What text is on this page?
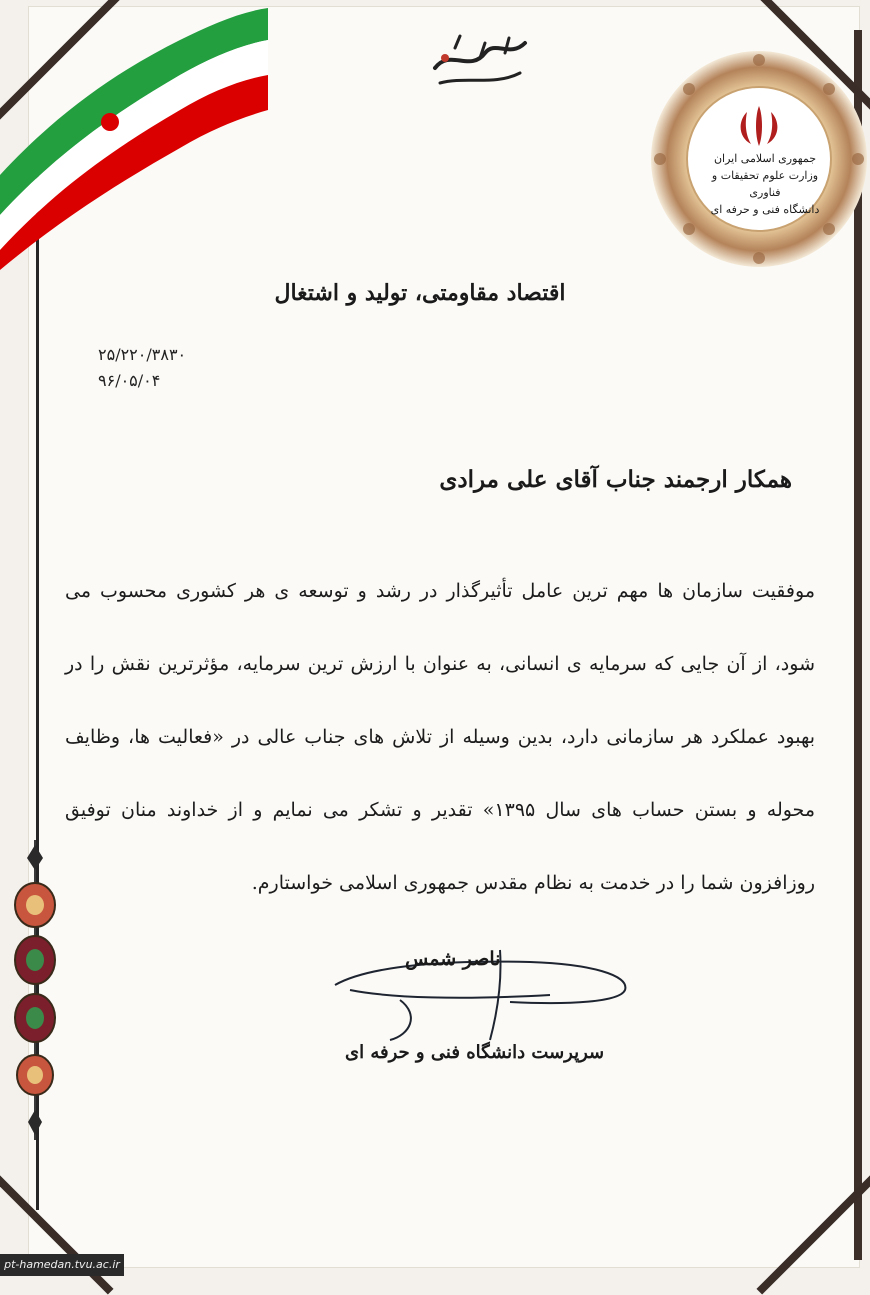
جمهوری اسلامی ایران
وزارت علوم تحقیقات و فناوری
دانشگاه فنی و حرفه ای
اقتصاد مقاومتی، تولید و اشتغال
۲۵/۲۲۰/۳۸۳۰
۹۶/۰۵/۰۴
همکار ارجمند جناب آقای علی مرادی
موفقیت سازمان ها مهم ترین عامل تأثیرگذار در رشد و توسعه ی هر کشوری محسوب می شود، از آن جایی که سرمایه ی انسانی، به عنوان با ارزش ترین سرمایه، مؤثرترین نقش را در بهبود عملکرد هر سازمانی دارد، بدین وسیله از تلاش های جناب عالی در «فعالیت ها، وظایف محوله و بستن حساب های سال ۱۳۹۵» تقدیر و تشکر می نمایم و از خداوند منان توفیق روزافزون شما را در خدمت به نظام مقدس جمهوری اسلامی خواستارم.
ناصر شمس
سرپرست دانشگاه فنی و حرفه ای
pt-hamedan.tvu.ac.ir
